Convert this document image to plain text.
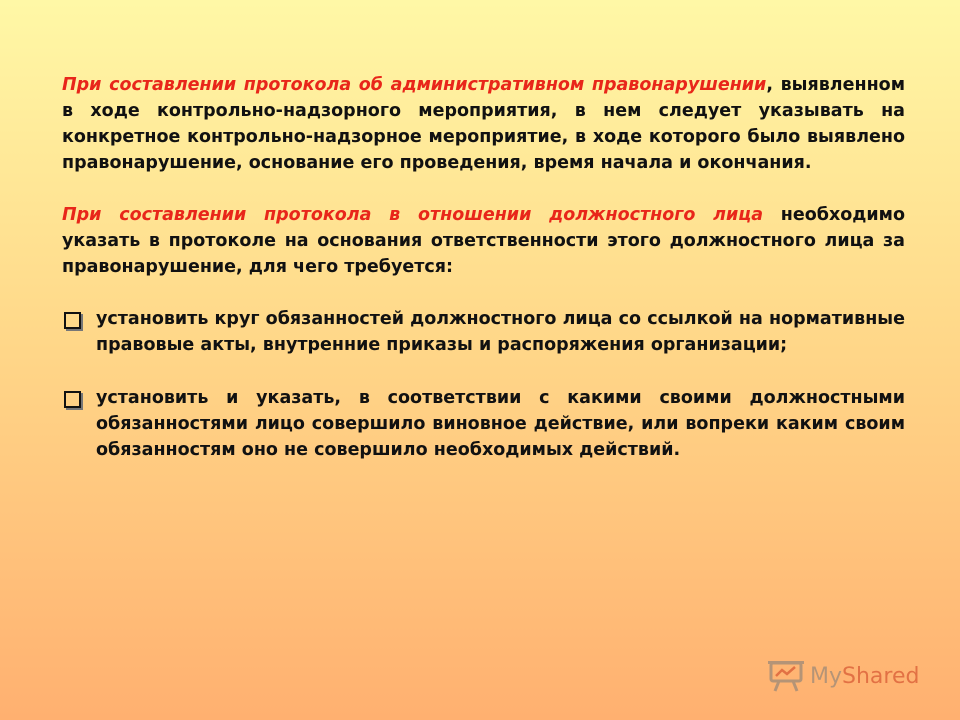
При составлении протокола об административном правонарушении, выявленном в ходе контрольно-надзорного мероприятия, в нем следует указывать на конкретное контрольно-надзорное мероприятие, в ходе которого было выявлено правонарушение, основание его проведения, время начала и окончания.

При составлении протокола в отношении должностного лица необходимо указать в протоколе на основания ответственности этого должностного лица за правонарушение, для чего требуется:

установить круг обязанностей должностного лица со ссылкой на нормативные правовые акты, внутренние приказы и распоряжения организации;

установить и указать, в соответствии с какими своими должностными обязанностями лицо совершило виновное действие, или вопреки каким своим обязанностям оно не совершило необходимых действий.

MyShared
